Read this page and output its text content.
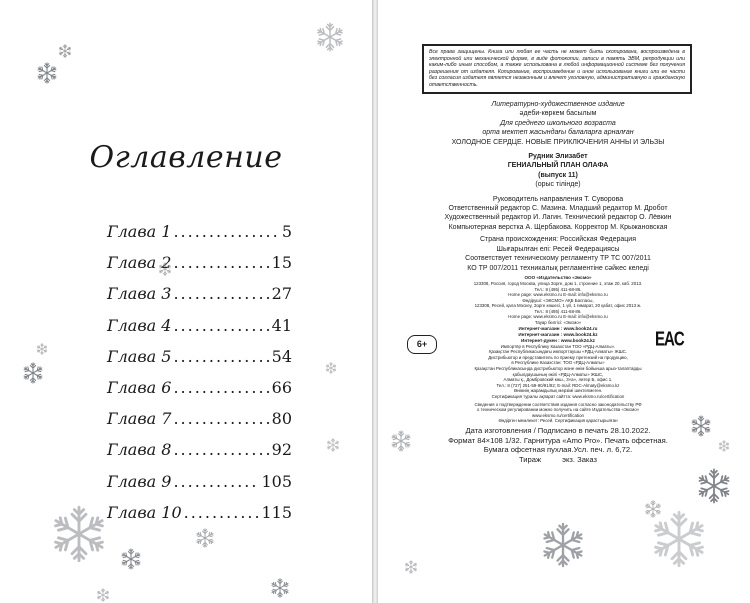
Оглавление
Глава 1 .....	5
Глава 2 .....	15
Глава 3 .....	27
Глава 4 .....	41
Глава 5 .....	54
Глава 6 .....	66
Глава 7 .....	80
Глава 8 .....	92
Глава 9 .....	105
Глава 10 .....	115
Все права защищены. Книга или любая ее часть не может быть скопирована, воспроизведена в электронной или механической форме, в виде фотокопии, записи в память ЭВМ, репродукции или каким-либо иным способом, а также использована в любой информационной системе без получения разрешения от издателя. Копирование, воспроизведение и иное использование книги или ее части без согласия издателя является незаконным и влечет уголовную, административную и гражданскую ответственность.
Литературно-художественное издание
әдеби-көркем басылым
Для среднего школьного возраста
орта мектеп жасындағы балаларға арналған
ХОЛОДНОЕ СЕРДЦЕ. НОВЫЕ ПРИКЛЮЧЕНИЯ АННЫ И ЭЛЬЗЫ
Рудник Элизабет
ГЕНИАЛЬНЫЙ ПЛАН ОЛАФА
(выпуск 11)
(орыс тілінде)
Руководитель направления Т. Суворова
Ответственный редактор С. Мазина. Младший редактор М. Дробот
Художественный редактор И. Лагин. Технический редактор О. Лёвкин
Компьютерная верстка А. Щербакова. Корректор М. Крыжановская
Страна происхождения: Российская Федерация
Шығарылған елі: Ресей Федерациясы
Соответствует техническому регламенту ТР ТС 007/2011
КО ТР 007/2011 техникалық регламентіне сәйкес келеді
ООО «Издательство «Эксмо»
123308, Россия, город Москва, улица Зорге, дом 1, строение 1, этаж 20, каб. 2013.
Тел.: 8 (495) 411-68-86.
Home page: www.eksmo.ru E-mail: info@eksmo.ru
Өндіруші: «ЭКСМО» АҚБ Баспасы,
123308, Ресей, қала Мәскеу, Зорге көшесі, 1 үй, 1 ғимарат, 20 қабат, офис 2013 ж.
Тел.: 8 (495) 411-68-86.
Home page: www.eksmo.ru E-mail: info@eksmo.ru
Тауар белгісі: «Эксмо»
Интернет-магазин : www.book24.ru
Интернет-магазин : www.book24.kz
Интернет-дүкен : www.book24.kz
Импортёр в Республику Казахстан ТОО «РДЦ-Алматы».
Қазақстан Республикасындағы импорттаушы «РДЦ-Алматы» ЖШС.
Дистрибьютор и представитель по приему претензий на продукцию,
в Республике Казахстан: ТОО «РДЦ-Алматы»
Қазақстан Республикасында дистрибьютор және өнім бойынша арыз-талаптарды
қабылдаушының өкілі «РДЦ-Алматы» ЖШС,
Алматы қ., Домбровский көш., 3«а», литер Б, офис 1.
Тел.: 8 (727) 251-59-90/91/92; E-mail: RDC-Almaty@eksmo.kz
Өнімнің жарамдылық мерзімі шектелмеген.
Сертификация туралы ақпарат сайтта: www.eksmo.ru/certification
Сведения о подтверждении соответствия издания согласно законодательству РФ
о техническом регулировании можно получить на сайте Издательства «Эксмо»
www.eksmo.ru/certification
Өндірген мемлекет: Ресей. Сертификация қарастырылған
Дата изготовления / Подписано в печать 28.10.2022.
Формат 84×108 1/32. Гарнитура «Amo Pro». Печать офсетная.
Бумага офсетная пухлая.Усл. печ. л. 6,72.
Тираж          экз. Заказ
6+	EAC
